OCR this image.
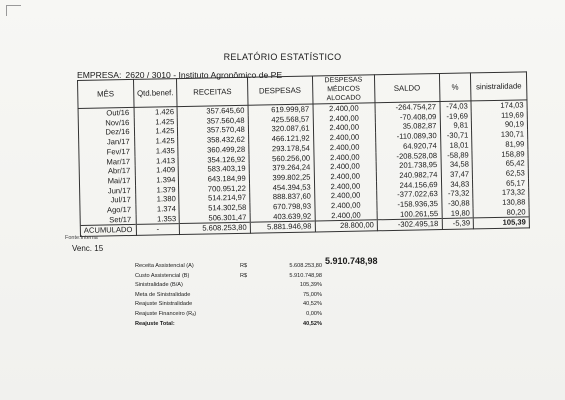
RELATÓRIO ESTATÍSTICO
EMPRESA: 2620 / 3010 - Instituto Agronômico de PE
MÊS	Qtd.benef.	RECEITAS	DESPESAS	DESPESAS MÉDICOS ALOCADO	SALDO	%	sinistralidade
Out/16	1.426	357.645,60	619.999,87	2.400,00	-264.754,27	-74,03	174,03
Nov/16	1.425	357.560,48	425.568,57	2.400,00	-70.408,09	-19,69	119,69
Dez/16	1.425	357.570,48	320.087,61	2.400,00	35.082,87	9,81	90,19
Jan/17	1.425	358.432,62	466.121,92	2.400,00	-110.089,30	-30,71	130,71
Fev/17	1.435	360.499,28	293.178,54	2.400,00	64.920,74	18,01	81,99
Mar/17	1.413	354.126,92	560.256,00	2.400,00	-208.528,08	-58,89	158,89
Abr/17	1.409	583.403,19	379.264,24	2.400,00	201.738,95	34,58	65,42
Mai/17	1.394	643.184,99	399.802,25	2.400,00	240.982,74	37,47	62,53
Jun/17	1.379	700.951,22	454.394,53	2.400,00	244.156,69	34,83	65,17
Jul/17	1.380	514.214,97	888.837,60	2.400,00	-377.022,63	-73,32	173,32
Ago/17	1.374	514.302,58	670.798,93	2.400,00	-158.936,35	-30,88	130,88
Set/17	1.353	506.301,47	403.639,92	2.400,00	100.261,55	19,80	80,20
ACUMULADO	-	5.608.253,80	5.881.946,98	28.800,00	-302.495,18	-5,39	105,39
Fonte:Interna
Venc. 15
5.910.748,98
Receita Assistencial (A)	R$	5.608.253,80
Custo Assistencial (B)	R$	5.910.748,98
Sinistralidade (B/A)	105,39%
Meta de Sinistralidade	75,00%
Reajuste Sinistralidade	40,52%
Reajuste Financeiro (Rₐ)	0,00%
Reajuste Total:	40,52%
